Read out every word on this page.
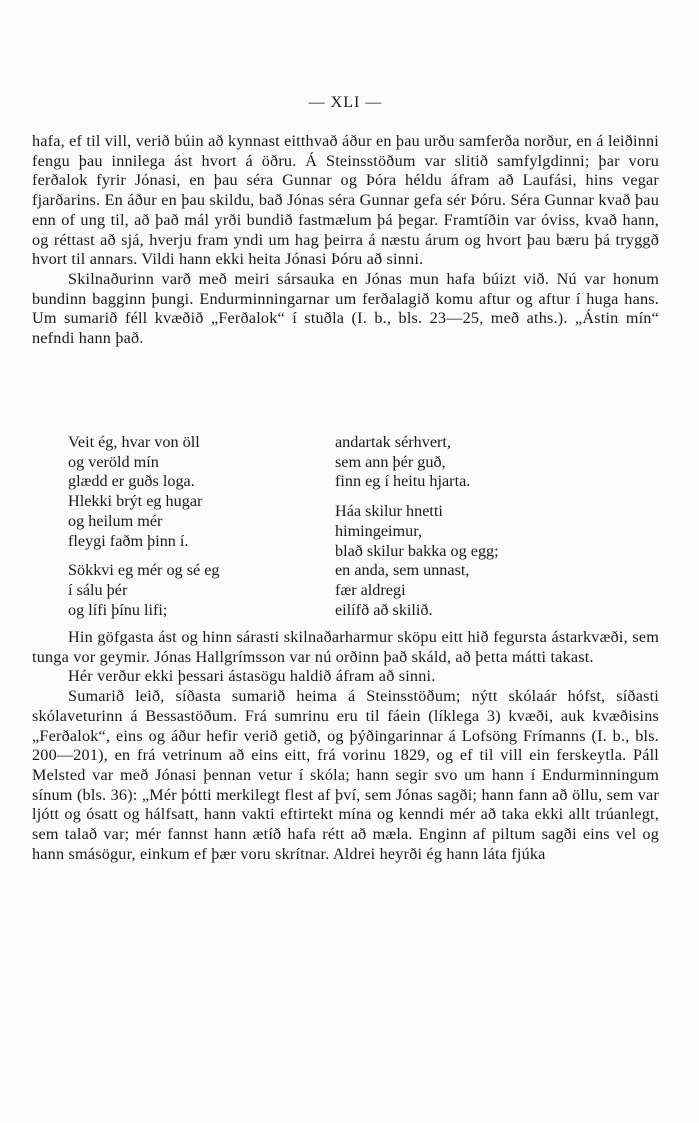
— XLI —

hafa, ef til vill, verið búin að kynnast eitthvað áður en þau urðu samferða norður, en á leiðinni fengu þau innilega ást hvort á öðru. Á Steinsstöðum var slitið samfylgdinni; þar voru ferðalok fyrir Jónasi, en þau séra Gunnar og Þóra héldu áfram að Laufási, hins vegar fjarðarins. En áður en þau skildu, bað Jónas séra Gunnar gefa sér Þóru. Séra Gunnar kvað þau enn of ung til, að það mál yrði bundið fastmælum þá þegar. Framtíðin var óviss, kvað hann, og réttast að sjá, hverju fram yndi um hag þeirra á næstu árum og hvort þau bæru þá tryggð hvort til annars. Vildi hann ekki heita Jónasi Þóru að sinni.

Skilnaðurinn varð með meiri sársauka en Jónas mun hafa búizt við. Nú var honum bundinn bagginn þungi. Endurminningarnar um ferðalagið komu aftur og aftur í huga hans. Um sumarið féll kvæðið „Ferðalok“ í stuðla (I. b., bls. 23—25, með aths.). „Ástin mín“ nefndi hann það.

Veit ég, hvar von öll
og veröld mín
glædd er guðs loga.
Hlekki brýt eg hugar
og heilum mér
fleygi faðm þinn í.
Sökkvi eg mér og sé eg
í sálu þér
og lífi þínu lifi;
andartak sérhvert,
sem ann þér guð,
finn eg í heitu hjarta.
Háa skilur hnetti
himingeimur,
blað skilur bakka og egg;
en anda, sem unnast,
fær aldregi
eilífð að skilið.

Hin göfgasta ást og hinn sárasti skilnaðarharmur sköpu eitt hið fegursta ástarkvæði, sem tunga vor geymir. Jónas Hallgrímsson var nú orðinn það skáld, að þetta mátti takast.

Hér verður ekki þessari ástasögu haldið áfram að sinni.

Sumarið leið, síðasta sumarið heima á Steinsstöðum; nýtt skólaár hófst, síðasti skólaveturinn á Bessastöðum. Frá sumrinu eru til fáein (líklega 3) kvæði, auk kvæðisins „Ferðalok“, eins og áður hefir verið getið, og þýðingarinnar á Lofsöng Frímanns (I. b., bls. 200—201), en frá vetrinum að eins eitt, frá vorinu 1829, og ef til vill ein ferskeytla. Páll Melsted var með Jónasi þennan vetur í skóla; hann segir svo um hann í Endurminningum sínum (bls. 36): „Mér þótti merkilegt flest af því, sem Jónas sagði; hann fann að öllu, sem var ljótt og ósatt og hálfsatt, hann vakti eftirtekt mína og kenndi mér að taka ekki allt trúanlegt, sem talað var; mér fannst hann ætíð hafa rétt að mæla. Enginn af piltum sagði eins vel og hann smásögur, einkum ef þær voru skrítnar. Aldrei heyrði ég hann láta fjúka
